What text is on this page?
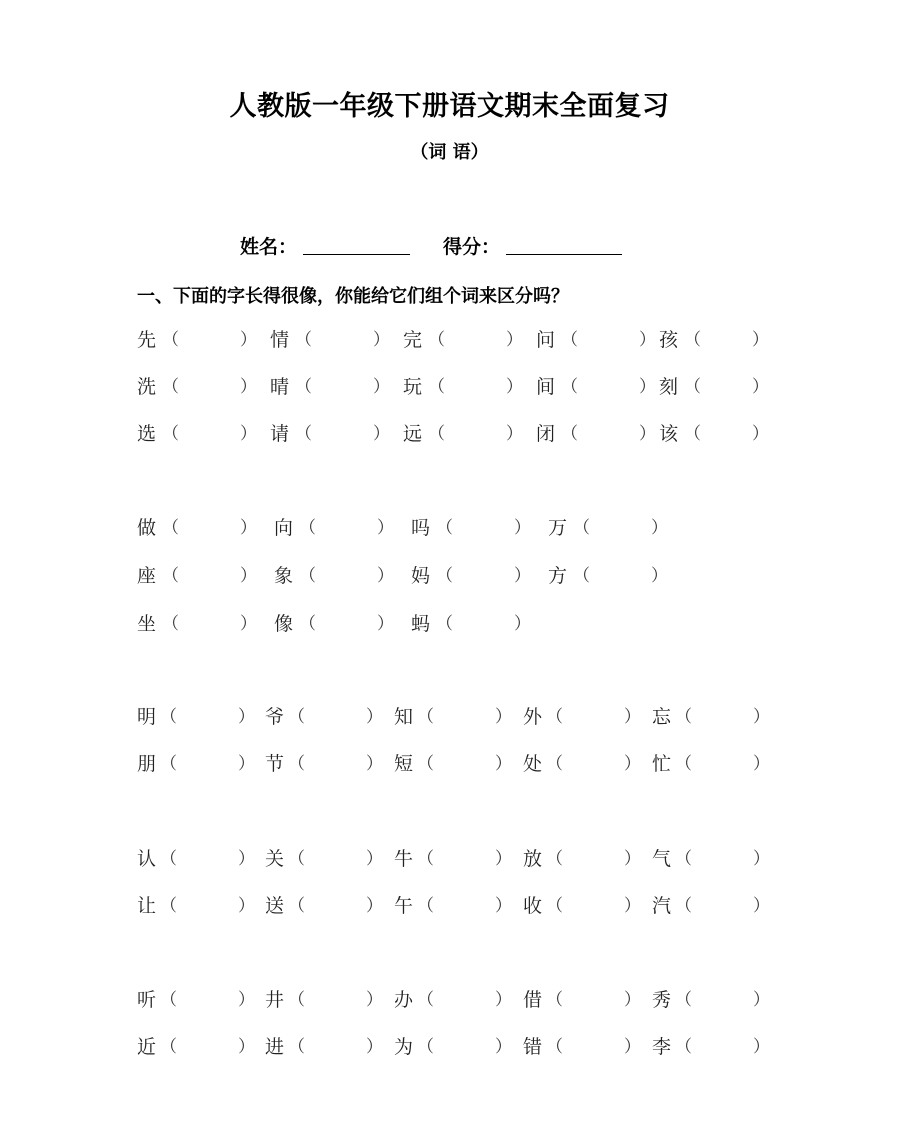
人教版一年级下册语文期末全面复习
（词 语）
姓名：	得分：
一、下面的字长得很像，你能给它们组个词来区分吗？
先 （	） 情 （	） 完 （	） 问 （	） 孩 （	）
洗 （	） 晴 （	） 玩 （	） 间 （	） 刻 （	）
选 （	） 请 （	） 远 （	） 闭 （	） 该 （	）
做 （	） 向 （	） 吗 （	） 万 （	）
座 （	） 象 （	） 妈 （	） 方 （	）
坐 （	） 像 （	） 蚂 （	）
明 （	） 爷 （	） 知 （	） 外 （	） 忘 （	）
朋 （	） 节 （	） 短 （	） 处 （	） 忙 （	）
认 （	） 关 （	） 牛 （	） 放 （	） 气 （	）
让 （	） 送 （	） 午 （	） 收 （	） 汽 （	）
听 （	） 井 （	） 办 （	） 借 （	） 秀 （	）
近 （	） 进 （	） 为 （	） 错 （	） 李 （	）
